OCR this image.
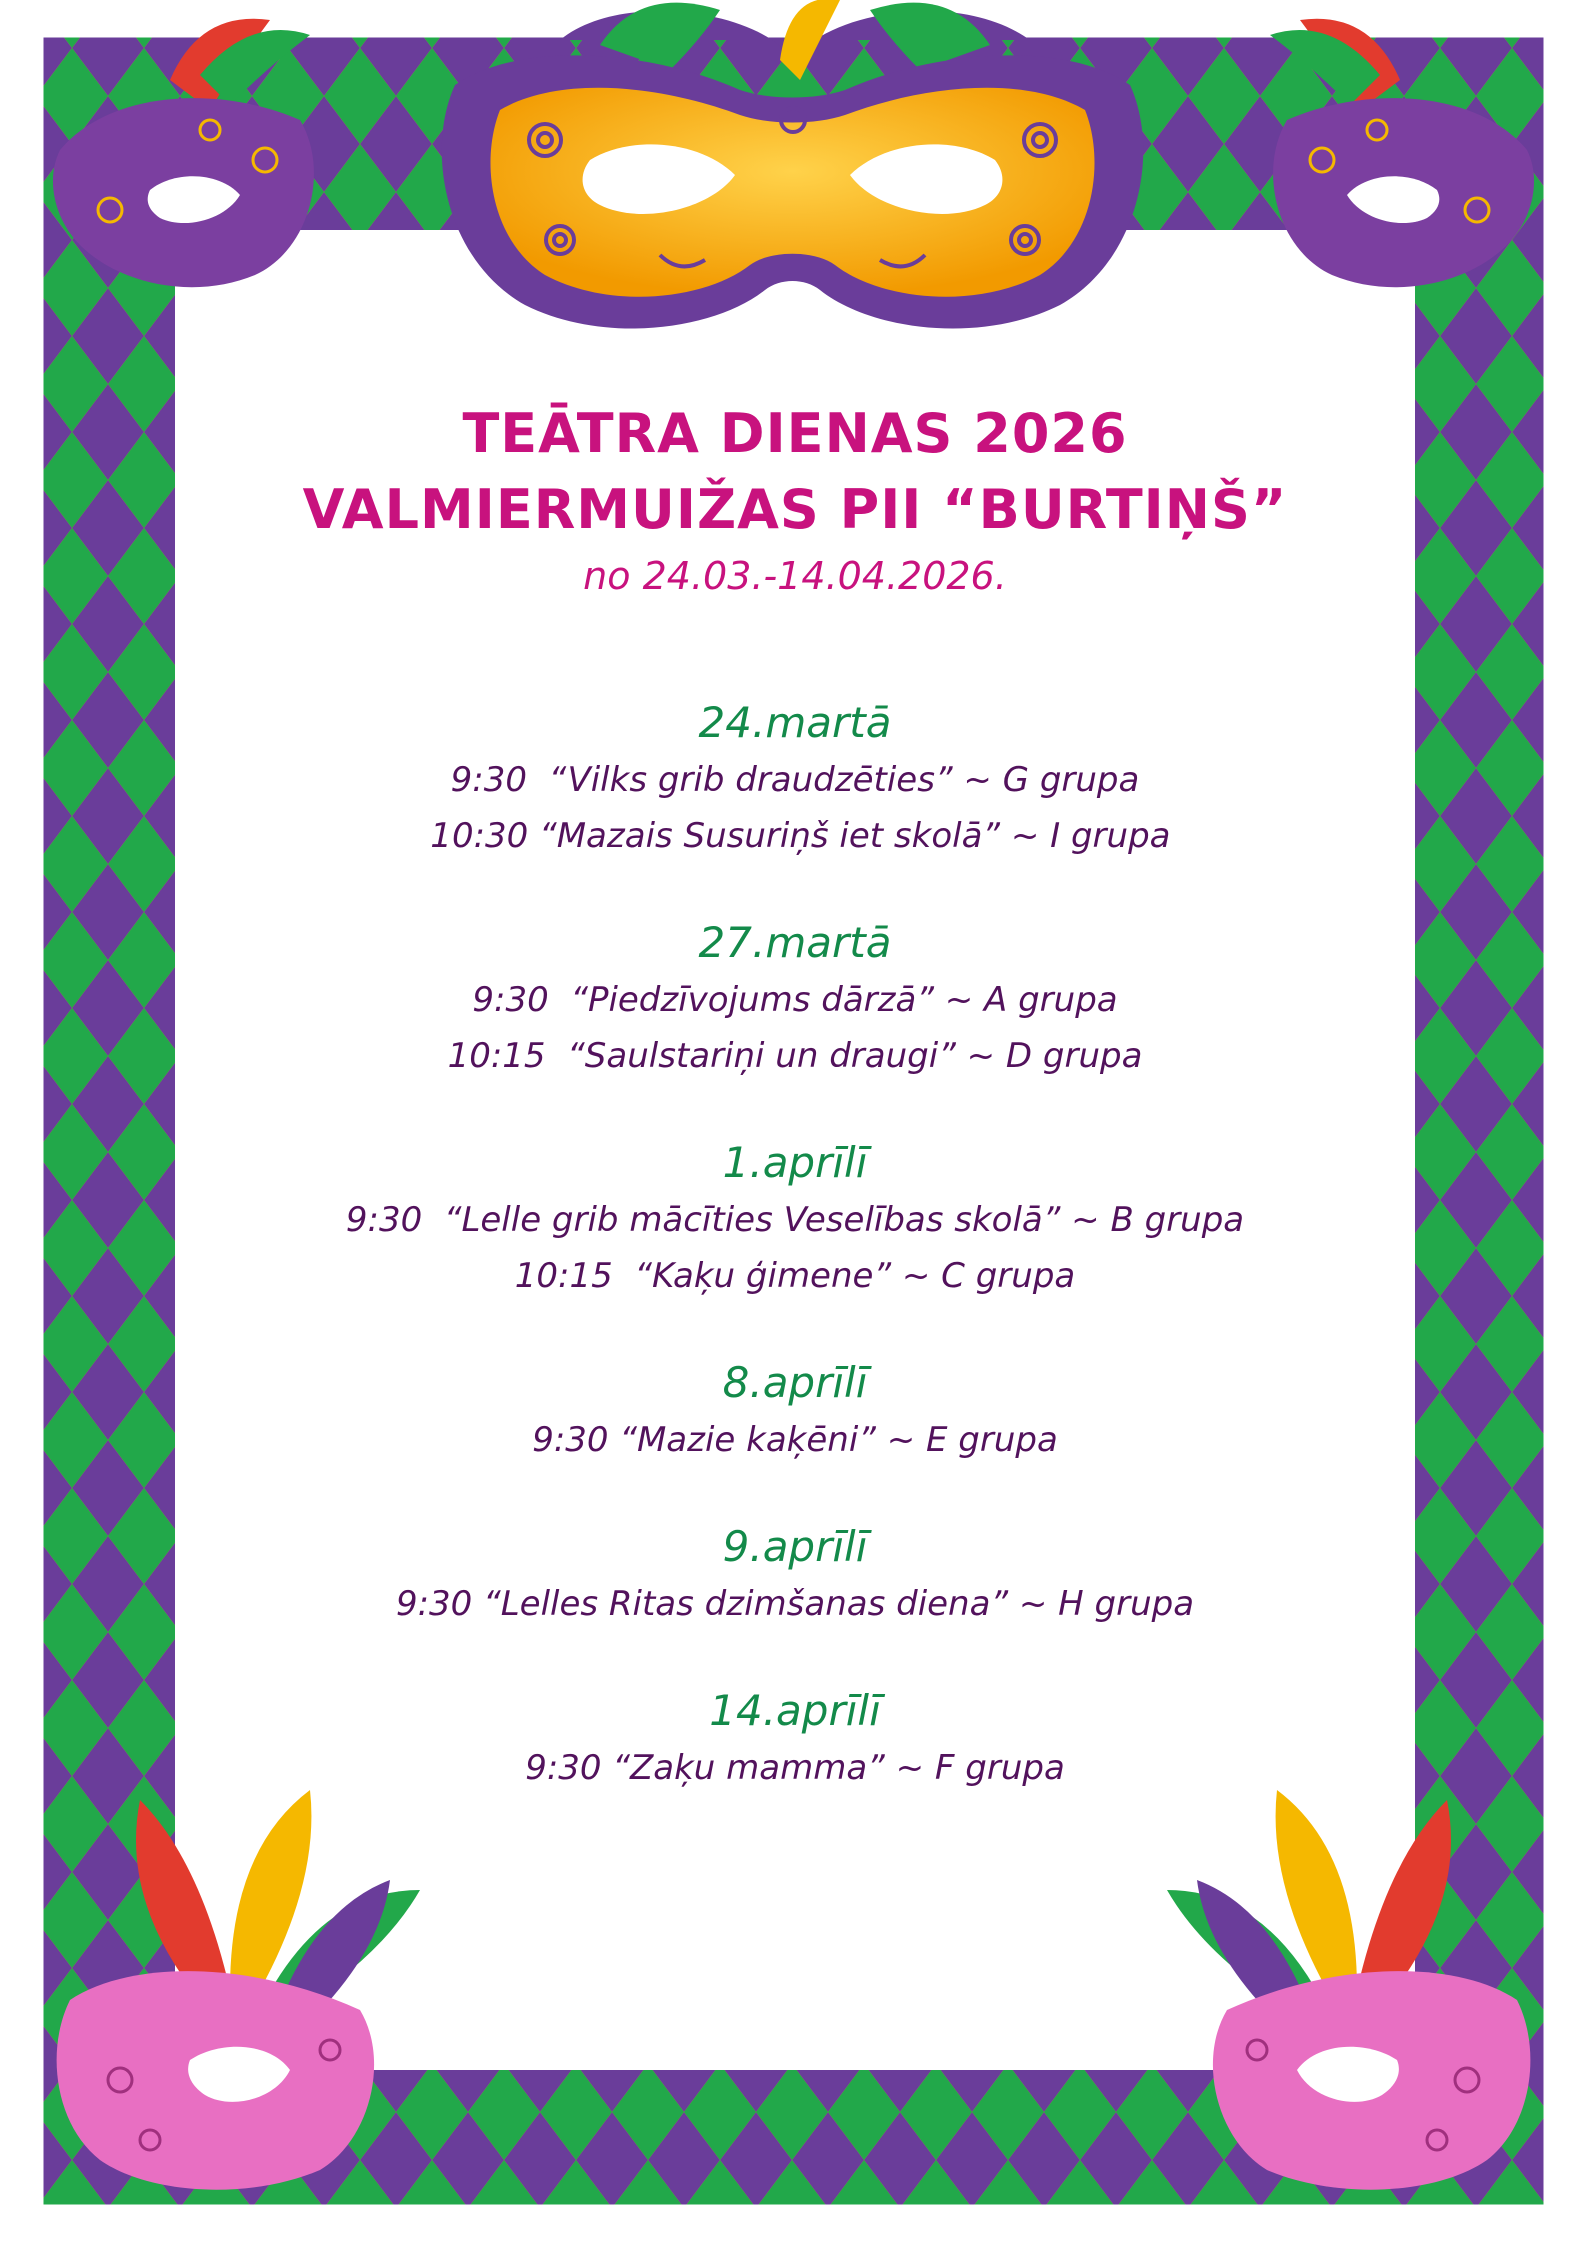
TEĀTRA DIENAS 2026
VALMIERMUIŽAS PII “BURTIŅŠ”
no 24.03.-14.04.2026.
24.martā
9:30  “Vilks grib draudzēties” ~ G grupa
10:30 “Mazais Susuriņš iet skolā” ~ I grupa
27.martā
9:30  “Piedzīvojums dārzā” ~ A grupa
10:15  “Saulstariņi un draugi” ~ D grupa
1.aprīlī
9:30  “Lelle grib mācīties Veselības skolā” ~ B grupa
10:15  “Kaķu ģimene” ~ C grupa
8.aprīlī
9:30 “Mazie kaķēni” ~ E grupa
9.aprīlī
9:30 “Lelles Ritas dzimšanas diena” ~ H grupa
14.aprīlī
9:30 “Zaķu mamma” ~ F grupa
